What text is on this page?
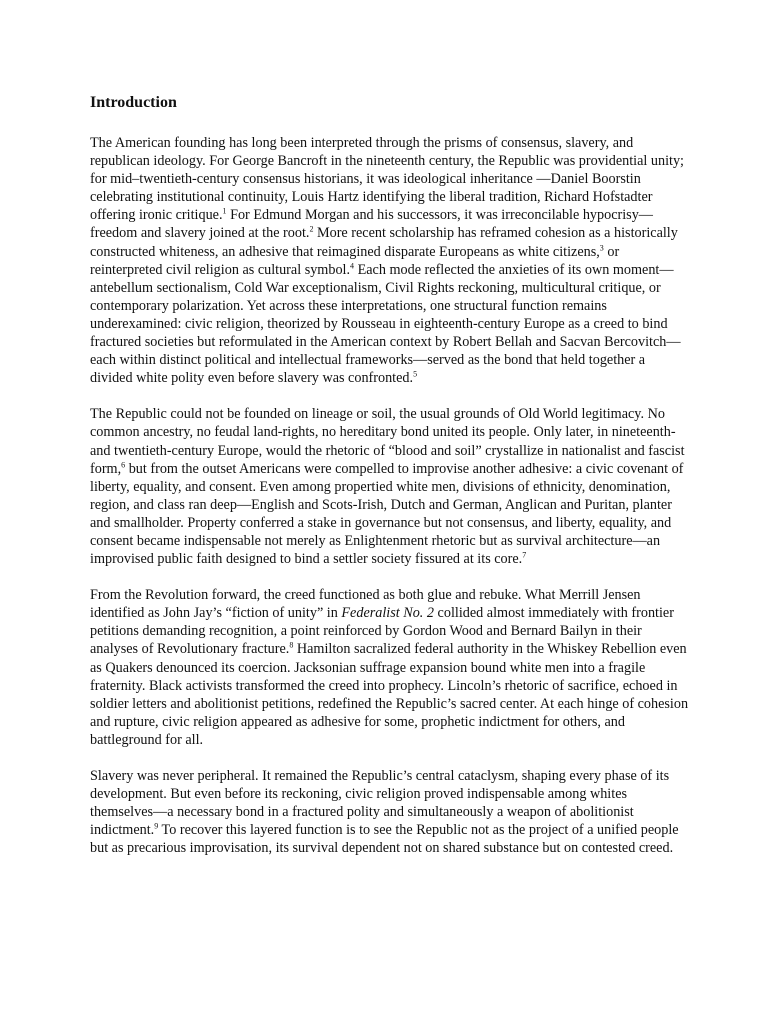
Introduction

The American founding has long been interpreted through the prisms of consensus, slavery, and republican ideology. For George Bancroft in the nineteenth century, the Republic was providential unity; for mid–twentieth-century consensus historians, it was ideological inheritance —Daniel Boorstin celebrating institutional continuity, Louis Hartz identifying the liberal tradition, Richard Hofstadter offering ironic critique.$^1$ For Edmund Morgan and his successors, it was irreconcilable hypocrisy—freedom and slavery joined at the root.$^2$ More recent scholarship has reframed cohesion as a historically constructed whiteness, an adhesive that reimagined disparate Europeans as white citizens,$^3$ or reinterpreted civil religion as cultural symbol.$^4$ Each mode reflected the anxieties of its own moment—antebellum sectionalism, Cold War exceptionalism, Civil Rights reckoning, multicultural critique, or contemporary polarization. Yet across these interpretations, one structural function remains underexamined: civic religion, theorized by Rousseau in eighteenth-century Europe as a creed to bind fractured societies but reformulated in the American context by Robert Bellah and Sacvan Bercovitch—each within distinct political and intellectual frameworks—served as the bond that held together a divided white polity even before slavery was confronted.$^5$

The Republic could not be founded on lineage or soil, the usual grounds of Old World legitimacy. No common ancestry, no feudal land-rights, no hereditary bond united its people. Only later, in nineteenth- and twentieth-century Europe, would the rhetoric of “blood and soil” crystallize in nationalist and fascist form,$^6$ but from the outset Americans were compelled to improvise another adhesive: a civic covenant of liberty, equality, and consent. Even among propertied white men, divisions of ethnicity, denomination, region, and class ran deep—English and Scots-Irish, Dutch and German, Anglican and Puritan, planter and smallholder. Property conferred a stake in governance but not consensus, and liberty, equality, and consent became indispensable not merely as Enlightenment rhetoric but as survival architecture—an improvised public faith designed to bind a settler society fissured at its core.$^7$

From the Revolution forward, the creed functioned as both glue and rebuke. What Merrill Jensen identified as John Jay’s “fiction of unity” in Federalist No. 2 collided almost immediately with frontier petitions demanding recognition, a point reinforced by Gordon Wood and Bernard Bailyn in their analyses of Revolutionary fracture.$^8$ Hamilton sacralized federal authority in the Whiskey Rebellion even as Quakers denounced its coercion. Jacksonian suffrage expansion bound white men into a fragile fraternity. Black activists transformed the creed into prophecy. Lincoln’s rhetoric of sacrifice, echoed in soldier letters and abolitionist petitions, redefined the Republic’s sacred center. At each hinge of cohesion and rupture, civic religion appeared as adhesive for some, prophetic indictment for others, and battleground for all.

Slavery was never peripheral. It remained the Republic’s central cataclysm, shaping every phase of its development. But even before its reckoning, civic religion proved indispensable among whites themselves—a necessary bond in a fractured polity and simultaneously a weapon of abolitionist indictment.$^9$ To recover this layered function is to see the Republic not as the project of a unified people but as precarious improvisation, its survival dependent not on shared substance but on contested creed.
